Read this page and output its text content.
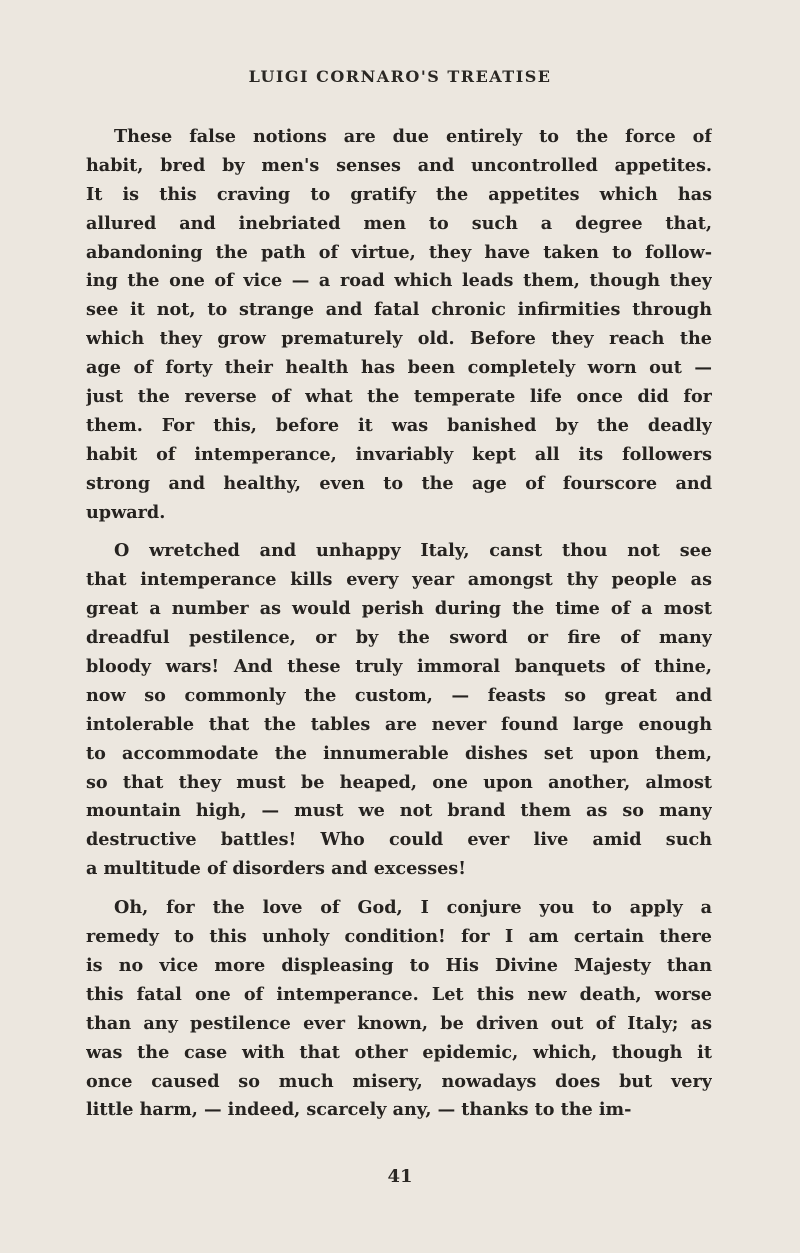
LUIGI CORNARO'S TREATISE

These false notions are due entirely to the force of
habit, bred by men's senses and uncontrolled appetites.
It is this craving to gratify the appetites which has
allured and inebriated men to such a degree that,
abandoning the path of virtue, they have taken to follow-
ing the one of vice — a road which leads them, though they
see it not, to strange and fatal chronic infirmities through
which they grow prematurely old. Before they reach the
age of forty their health has been completely worn out —
just the reverse of what the temperate life once did for
them. For this, before it was banished by the deadly
habit of intemperance, invariably kept all its followers
strong and healthy, even to the age of fourscore and
upward.

O wretched and unhappy Italy, canst thou not see
that intemperance kills every year amongst thy people as
great a number as would perish during the time of a most
dreadful pestilence, or by the sword or fire of many
bloody wars! And these truly immoral banquets of thine,
now so commonly the custom, — feasts so great and
intolerable that the tables are never found large enough
to accommodate the innumerable dishes set upon them,
so that they must be heaped, one upon another, almost
mountain high, — must we not brand them as so many
destructive battles! Who could ever live amid such
a multitude of disorders and excesses!

Oh, for the love of God, I conjure you to apply a
remedy to this unholy condition! for I am certain there
is no vice more displeasing to His Divine Majesty than
this fatal one of intemperance. Let this new death, worse
than any pestilence ever known, be driven out of Italy; as
was the case with that other epidemic, which, though it
once caused so much misery, nowadays does but very
little harm, — indeed, scarcely any, — thanks to the im-

41
